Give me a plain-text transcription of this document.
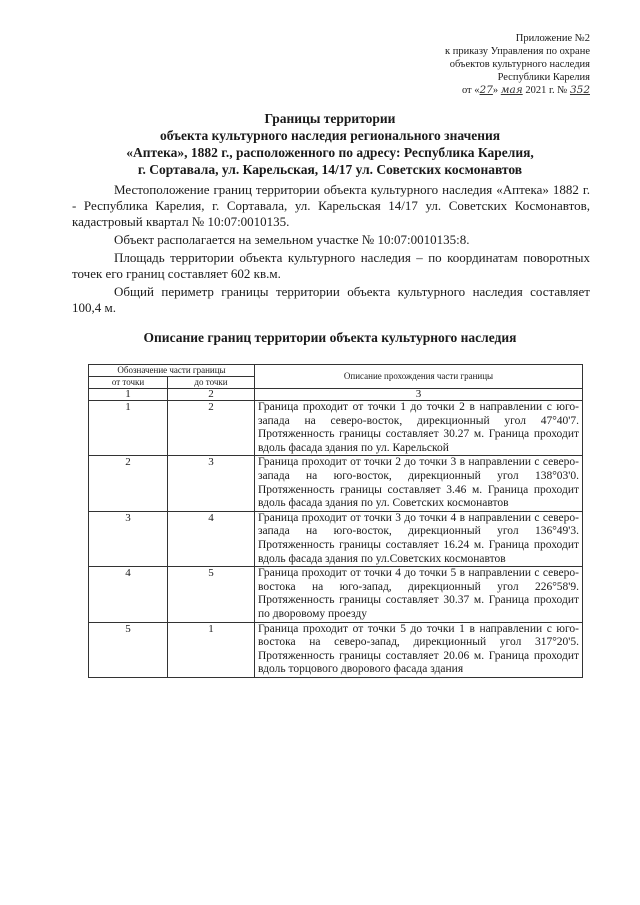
Приложение №2
к приказу Управления по охране
объектов культурного наследия
Республики Карелия
от «27» мая 2021 г. № 352
Границы территории
объекта культурного наследия регионального значения
«Аптека», 1882 г., расположенного по адресу: Республика Карелия,
г. Сортавала, ул. Карельская, 14/17 ул. Советских космонавтов

Местоположение границ территории объекта культурного наследия «Аптека» 1882 г. - Республика Карелия, г. Сортавала, ул. Карельская 14/17 ул. Советских Космонавтов, кадастровый квартал № 10:07:0010135.

Объект располагается на земельном участке № 10:07:0010135:8.

Площадь территории объекта культурного наследия – по координатам поворотных точек его границ составляет 602 кв.м.

Общий периметр границы территории объекта культурного наследия составляет 100,4 м.

Описание границ территории объекта культурного наследия
Обозначение части границы		Описание прохождения части границы
от точки	до точки	
1	2	3
1	2	Граница проходит от точки 1 до точки 2 в направлении с юго-запада на северо-восток, дирекционный угол 47°40'7. Протяженность границы составляет 30.27 м. Граница проходит вдоль фасада здания по ул. Карельской
2	3	Граница проходит от точки 2 до точки 3 в направлении с северо-запада на юго-восток, дирекционный угол 138°03'0. Протяженность границы составляет 3.46 м. Граница проходит вдоль фасада здания по ул. Советских космонавтов
3	4	Граница проходит от точки 3 до точки 4 в направлении с северо-запада на юго-восток, дирекционный угол 136°49'3. Протяженность границы составляет 16.24 м. Граница проходит вдоль фасада здания по ул.Советских космонавтов
4	5	Граница проходит от точки 4 до точки 5 в направлении с северо-востока на юго-запад, дирекционный угол 226°58'9. Протяженность границы составляет 30.37 м. Граница проходит по дворовому проезду
5	1	Граница проходит от точки 5 до точки 1 в направлении с юго-востока на северо-запад, дирекционный угол 317°20'5. Протяженность границы составляет 20.06 м. Граница проходит вдоль торцового дворового фасада здания
